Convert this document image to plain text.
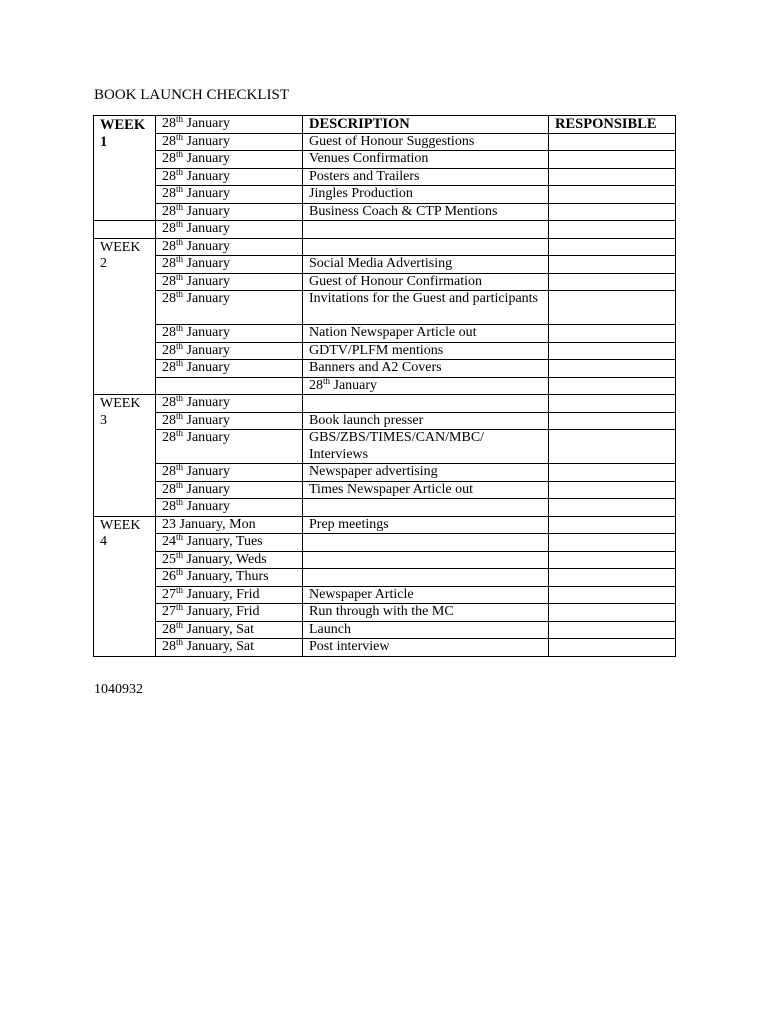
BOOK LAUNCH CHECKLIST
WEEK 1	28th January	DESCRIPTION	RESPONSIBLE	
	28th January	Guest of Honour Suggestions		
	28th January	Venues Confirmation		
	28th January	Posters and Trailers		
	28th January	Jingles Production		
	28th January	Business Coach & CTP Mentions		
	28th January			
WEEK 2	28th January			
	28th January	Social Media Advertising		
	28th January	Guest of Honour Confirmation		
	28th January	Invitations for the Guest and participants		
	28th January	Nation Newspaper Article out		
	28th January	GDTV/PLFM mentions		
	28th January	Banners and A2 Covers		
		28th January		
WEEK 3	28th January			
	28th January	Book launch presser		
	28th January	GBS/ZBS/TIMES/CAN/MBC/ Interviews		
	28th January	Newspaper advertising		
	28th January	Times Newspaper Article out		
	28th January			
WEEK 4	23 January, Mon	Prep meetings		
	24th January, Tues			
	25th January, Weds			
	26th January, Thurs			
	27th January, Frid	Newspaper Article		
	27th January, Frid	Run through with the MC		
	28th January, Sat	Launch		
	28th January, Sat	Post interview		
1040932
